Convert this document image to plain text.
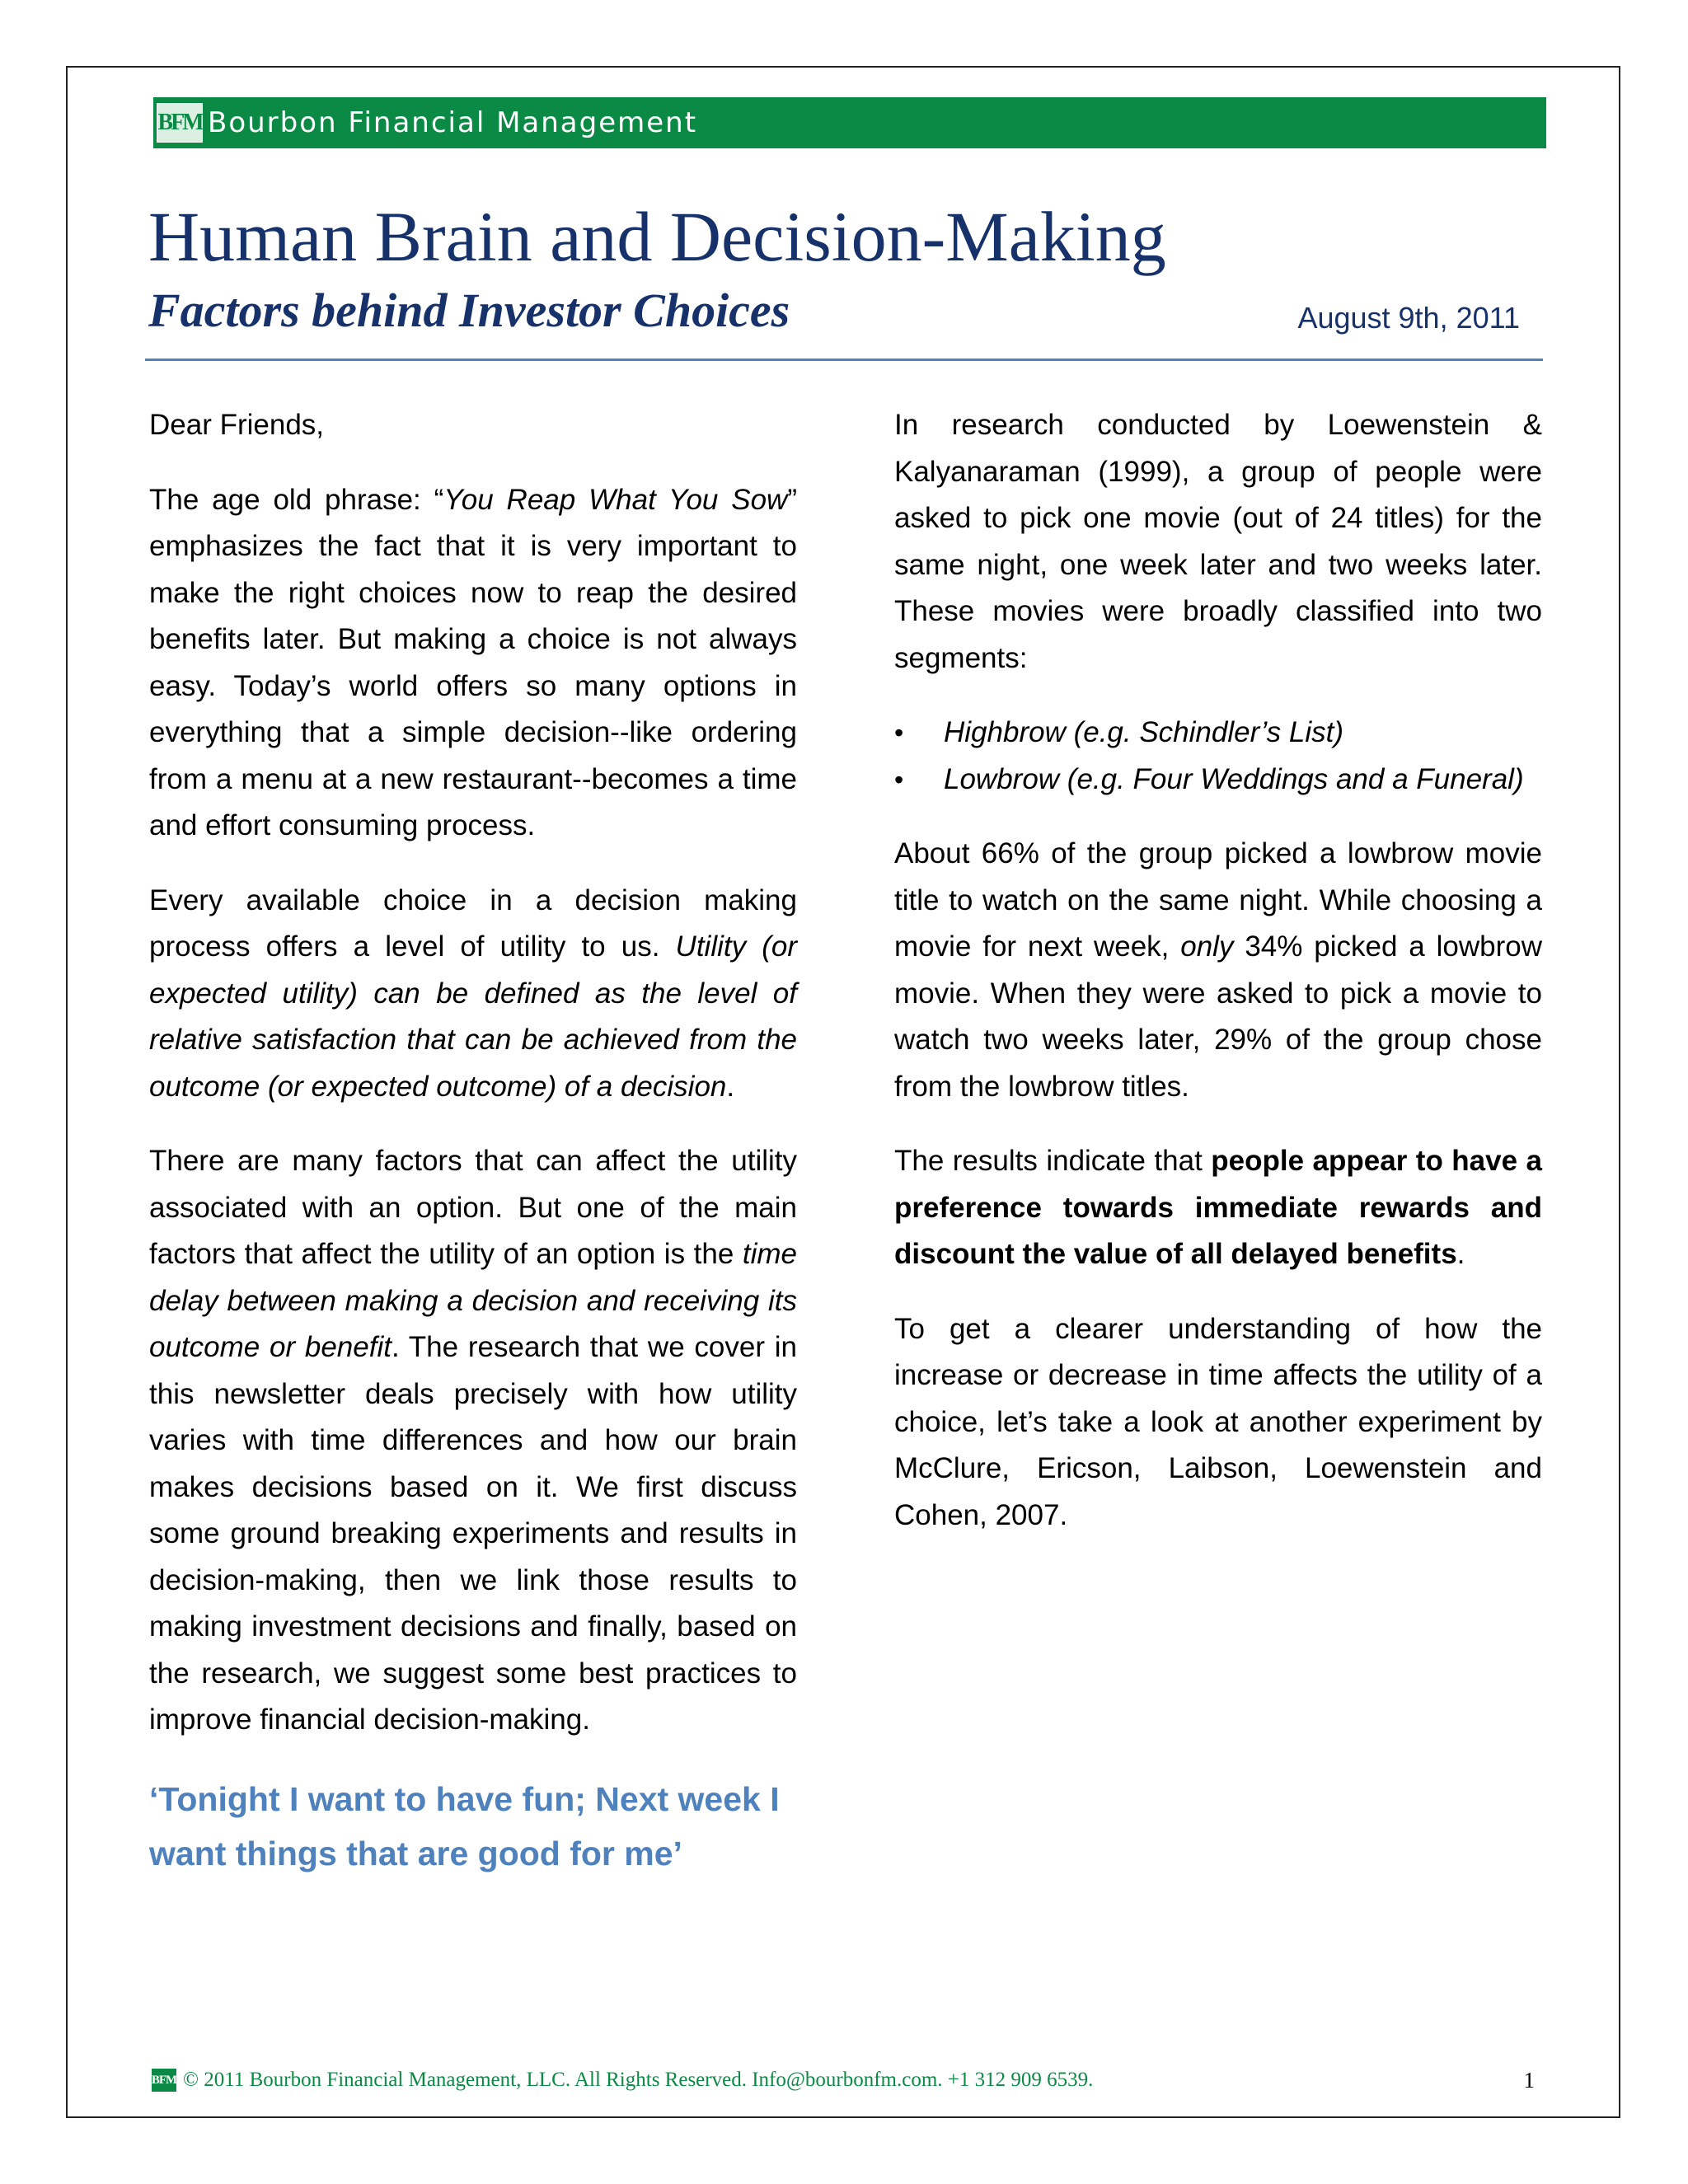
BFM Bourbon Financial Management
Human Brain and Decision-Making
Factors behind Investor Choices	August 9th, 2011

Dear Friends,

The age old phrase: “You Reap What You Sow” emphasizes the fact that it is very important to make the right choices now to reap the desired benefits later. But making a choice is not always easy. Today’s world offers so many options in everything that a simple decision--like ordering from a menu at a new restaurant--becomes a time and effort consuming process.

Every available choice in a decision making process offers a level of utility to us. Utility (or expected utility) can be defined as the level of relative satisfaction that can be achieved from the outcome (or expected outcome) of a decision.

There are many factors that can affect the utility associated with an option. But one of the main factors that affect the utility of an option is the time delay between making a decision and receiving its outcome or benefit. The research that we cover in this newsletter deals precisely with how utility varies with time differences and how our brain makes decisions based on it. We first discuss some ground breaking experiments and results in decision-making, then we link those results to making investment decisions and finally, based on the research, we suggest some best practices to improve financial decision-making.

‘Tonight I want to have fun; Next week I want things that are good for me’

In research conducted by Loewenstein & Kalyanaraman (1999), a group of people were asked to pick one movie (out of 24 titles) for the same night, one week later and two weeks later. These movies were broadly classified into two segments:

• Highbrow (e.g. Schindler’s List)
• Lowbrow (e.g. Four Weddings and a Funeral)

About 66% of the group picked a lowbrow movie title to watch on the same night. While choosing a movie for next week, only 34% picked a lowbrow movie. When they were asked to pick a movie to watch two weeks later, 29% of the group chose from the lowbrow titles.

The results indicate that people appear to have a preference towards immediate rewards and discount the value of all delayed benefits.

To get a clearer understanding of how the increase or decrease in time affects the utility of a choice, let’s take a look at another experiment by McClure, Ericson, Laibson, Loewenstein and Cohen, 2007.

BFM © 2011 Bourbon Financial Management, LLC. All Rights Reserved. Info@bourbonfm.com. +1 312 909 6539.	1
